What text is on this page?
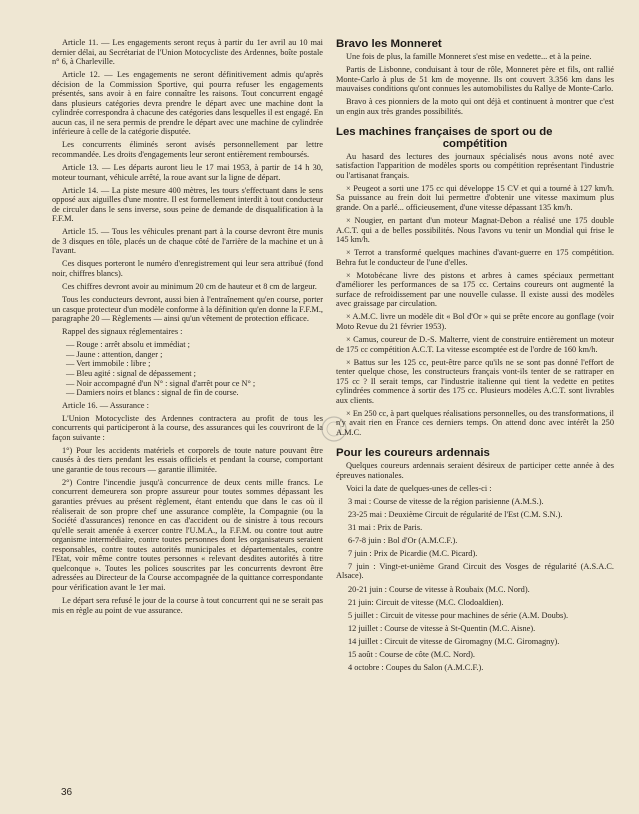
Article 11. — Les engagements seront reçus à partir du 1er avril au 10 mai dernier délai, au Secrétariat de l'Union Motocycliste des Ardennes, boîte postale n° 6, à Charleville.

Article 12. — Les engagements ne seront définitivement admis qu'après décision de la Commission Sportive, qui pourra refuser les engagements présentés, sans avoir à en faire connaître les raisons. Tout concurrent engagé dans plusieurs catégories devra prendre le départ avec une machine dont la cylindrée correspondra à chacune des catégories dans lesquelles il est engagé. En aucun cas, il ne sera permis de prendre le départ avec une machine de cylindrée inférieure à celle de la catégorie disputée.

Les concurrents éliminés seront avisés personnellement par lettre recommandée. Les droits d'engagements leur seront entièrement remboursés.

Article 13. — Les départs auront lieu le 17 mai 1953, à partir de 14 h 30, moteur tournant, véhicule arrêté, la roue avant sur la ligne de départ.

Article 14. — La piste mesure 400 mètres, les tours s'effectuant dans le sens opposé aux aiguilles d'une montre. Il est formellement interdit à tout conducteur de circuler dans le sens inverse, sous peine de demande de disqualification à la F.F.M.

Article 15. — Tous les véhicules prenant part à la course devront être munis de 3 disques en tôle, placés un de chaque côté de l'arrière de la machine et un à l'avant.

Ces disques porteront le numéro d'enregistrement qui leur sera attribué (fond noir, chiffres blancs).

Ces chiffres devront avoir au minimum 20 cm de hauteur et 8 cm de largeur.

Tous les conducteurs devront, aussi bien à l'entraînement qu'en course, porter un casque protecteur d'un modèle conforme à la définition qu'en donne la F.F.M., paragraphe 20 — Règlements — ainsi qu'un vêtement de protection efficace.

Rappel des signaux réglementaires :

— Rouge : arrêt absolu et immédiat ;

— Jaune : attention, danger ;

— Vert immobile : libre ;

— Bleu agité : signal de dépassement ;

— Noir accompagné d'un N° : signal d'arrêt pour ce N° ;

— Damiers noirs et blancs : signal de fin de course.

Article 16. — Assurance :

L'Union Motocycliste des Ardennes contractera au profit de tous les concurrents qui participeront à la course, des assurances qui les couvriront de la façon suivante :

1°) Pour les accidents matériels et corporels de toute nature pouvant être causés à des tiers pendant les essais officiels et pendant la course, comportant une garantie de tous recours — garantie illimitée.

2°) Contre l'incendie jusqu'à concurrence de deux cents mille francs. Le concurrent demeurera son propre assureur pour toutes sommes dépassant les garanties prévues au présent règlement, étant entendu que dans le cas où il réaliserait de son propre chef une assurance complète, la Compagnie (ou la Société d'assurances) renonce en cas d'accident ou de sinistre à tous recours qu'elle serait amenée à exercer contre l'U.M.A., la F.F.M. ou contre tout autre organisme intermédiaire, contre toutes personnes dont les organisateurs seraient responsables, contre toutes autorités municipales et départementales, contre l'Etat, voir même contre toutes personnes « relevant desdites autorités à titre quelconque ». Toutes les polices souscrites par les concurrents devront être adressées au Directeur de la Course accompagnée de la quittance correspondante pour vérification avant le 1er mai.

Le départ sera refusé le jour de la course à tout concurrent qui ne se serait pas mis en règle au point de vue assurance.

Bravo les Monneret

Une fois de plus, la famille Monneret s'est mise en vedette... et à la peine.

Partis de Lisbonne, conduisant à tour de rôle, Monneret père et fils, ont rallié Monte-Carlo à plus de 51 km de moyenne. Ils ont couvert 3.356 km dans les mauvaises conditions qu'ont connues les automobilistes du Rallye de Monte-Carlo.

Bravo à ces pionniers de la moto qui ont déjà et continuent à montrer que c'est un engin aux très grandes possibilités.

Les machines françaises de sport ou de
compétition

Au hasard des lectures des journaux spécialisés nous avons noté avec satisfaction l'apparition de modèles sports ou compétition représentant l'industrie ou l'artisanat français.

× Peugeot a sorti une 175 cc qui développe 15 CV et qui a tourné à 127 km/h. Sa puissance au frein doit lui permettre d'obtenir une vitesse maximum plus grande. On a parlé... officieusement, d'une vitesse dépassant 135 km/h.

× Nougier, en partant d'un moteur Magnat-Debon a réalisé une 175 double A.C.T. qui a de belles possibilités. Nous l'avons vu tenir un Mondial qui frise le 145 km/h.

× Terrot a transformé quelques machines d'avant-guerre en 175 compétition. Behra fut le conducteur de l'une d'elles.

× Motobécane livre des pistons et arbres à cames spéciaux permettant d'améliorer les performances de sa 175 cc. Certains coureurs ont augmenté la surface de refroidissement par une nouvelle culasse. Il existe aussi des modèles avec graissage par circulation.

× A.M.C. livre un modèle dit « Bol d'Or » qui se prête encore au gonflage (voir Moto Revue du 21 février 1953).

× Camus, coureur de D.-S. Malterre, vient de construire entièrement un moteur de 175 cc compétition A.C.T. La vitesse escomptée est de l'ordre de 160 km/h.

× Battus sur les 125 cc, peut-être parce qu'ils ne se sont pas donné l'effort de tenter quelque chose, les constructeurs français vont-ils tenter de se rattraper en 175 cc ? Il serait temps, car l'industrie italienne qui tient la vedette en petites cylindrées commence à sortir des 175 cc. Plusieurs modèles A.C.T. sont livrables aux clients.

× En 250 cc, à part quelques réalisations personnelles, ou des transformations, il n'y avait rien en France ces derniers temps. On attend donc avec intérêt la 250 A.M.C.

Pour les coureurs ardennais

Quelques coureurs ardennais seraient désireux de participer cette année à des épreuves nationales.

Voici la date de quelques-unes de celles-ci :

3 mai : Course de vitesse de la région parisienne (A.M.S.).

23-25 mai : Deuxième Circuit de régularité de l'Est (C.M. S.N.).

31 mai : Prix de Paris.

6-7-8 juin : Bol d'Or (A.M.C.F.).

7 juin : Prix de Picardie (M.C. Picard).

7 juin : Vingt-et-unième Grand Circuit des Vosges de régularité (A.S.A.C. Alsace).

20-21 juin : Course de vitesse à Roubaix (M.C. Nord).

21 juin: Circuit de vitesse (M.C. Clodoaldien).

5 juillet : Circuit de vitesse pour machines de série (A.M. Doubs).

12 juillet : Course de vitesse à St-Quentin (M.C. Aisne).

14 juillet : Circuit de vitesse de Giromagny (M.C. Giromagny).

15 août : Course de côte (M.C. Nord).

4 octobre : Coupes du Salon (A.M.C.F.).

36
